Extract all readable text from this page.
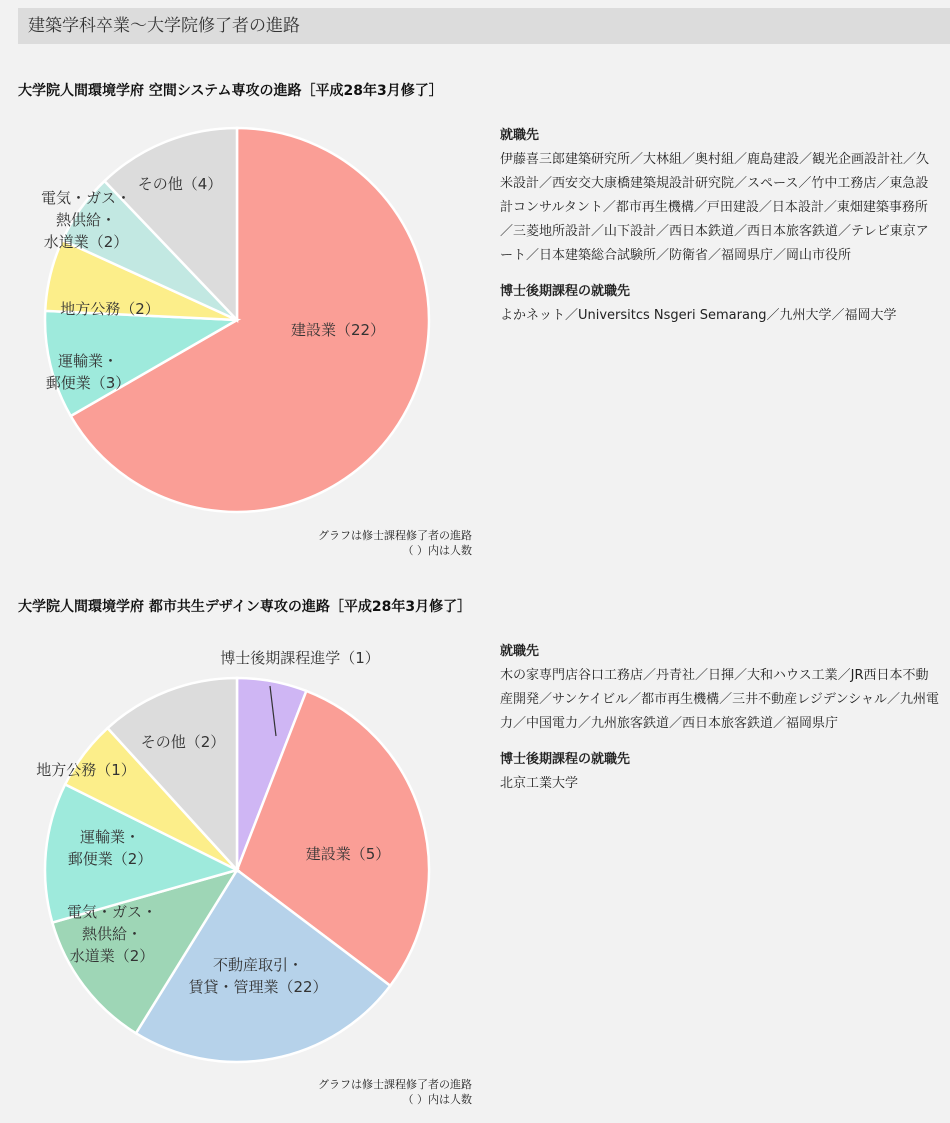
建築学科卒業〜大学院修了者の進路
大学院人間環境学府 空間システム専攻の進路［平成28年3月修了］
建設業（22）
運輸業・郵便業（3）
地方公務（2）
電気・ガス・熱供給・水道業（2）
その他（4）
グラフは修士課程修了者の進路
（ ）内は人数
就職先
伊藤喜三郎建築研究所／大林組／奥村組／鹿島建設／観光企画設計社／久米設計／西安交大康橋建築規設計研究院／スペース／竹中工務店／東急設計コンサルタント／都市再生機構／戸田建設／日本設計／東畑建築事務所／三菱地所設計／山下設計／西日本鉄道／西日本旅客鉄道／テレビ東京アート／日本建築総合試験所／防衛省／福岡県庁／岡山市役所
博士後期課程の就職先
よかネット／Universitcs Nsgeri Semarang／九州大学／福岡大学
大学院人間環境学府 都市共生デザイン専攻の進路［平成28年3月修了］
博士後期課程進学（1）
建設業（5）
不動産取引・賃貸・管理業（22）
電気・ガス・熱供給・水道業（2）
運輸業・郵便業（2）
地方公務（1）
その他（2）
グラフは修士課程修了者の進路
（ ）内は人数
就職先
木の家専門店谷口工務店／丹青社／日揮／大和ハウス工業／JR西日本不動産開発／サンケイビル／都市再生機構／三井不動産レジデンシャル／九州電力／中国電力／九州旅客鉄道／西日本旅客鉄道／福岡県庁
博士後期課程の就職先
北京工業大学
